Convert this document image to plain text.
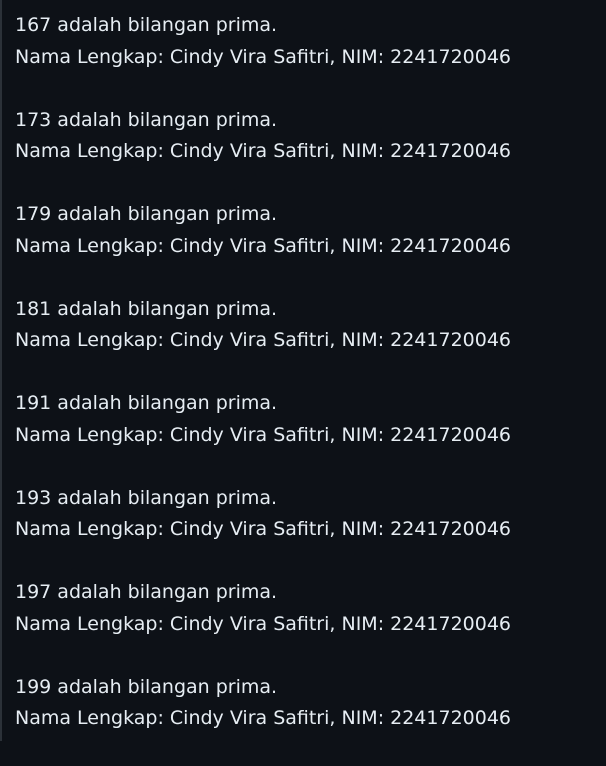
167 adalah bilangan prima.
Nama Lengkap: Cindy Vira Safitri, NIM: 2241720046
173 adalah bilangan prima.
Nama Lengkap: Cindy Vira Safitri, NIM: 2241720046
179 adalah bilangan prima.
Nama Lengkap: Cindy Vira Safitri, NIM: 2241720046
181 adalah bilangan prima.
Nama Lengkap: Cindy Vira Safitri, NIM: 2241720046
191 adalah bilangan prima.
Nama Lengkap: Cindy Vira Safitri, NIM: 2241720046
193 adalah bilangan prima.
Nama Lengkap: Cindy Vira Safitri, NIM: 2241720046
197 adalah bilangan prima.
Nama Lengkap: Cindy Vira Safitri, NIM: 2241720046
199 adalah bilangan prima.
Nama Lengkap: Cindy Vira Safitri, NIM: 2241720046
